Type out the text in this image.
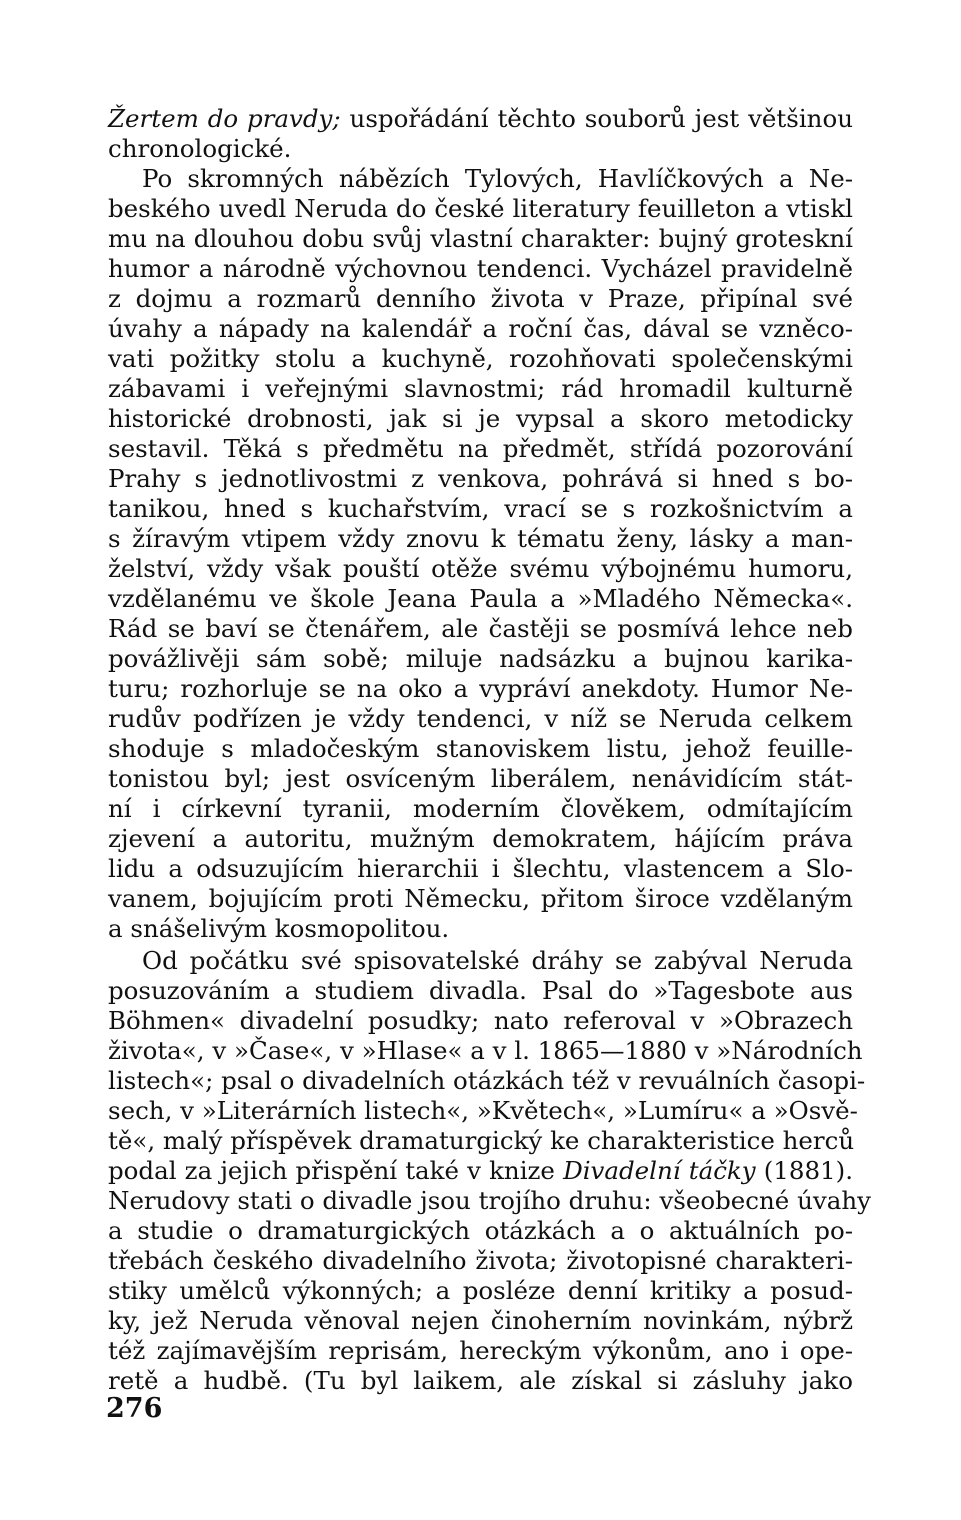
Žertem do pravdy; uspořádání těchto souborů jest většinou
chronologické.
Po skromných nábězích Tylových, Havlíčkových a Ne-
beského uvedl Neruda do české literatury feuilleton a vtiskl
mu na dlouhou dobu svůj vlastní charakter: bujný groteskní
humor a národně výchovnou tendenci. Vycházel pravidelně
z dojmu a rozmarů denního života v Praze, připínal své
úvahy a nápady na kalendář a roční čas, dával se vzněco-
vati požitky stolu a kuchyně, rozohňovati společenskými
zábavami i veřejnými slavnostmi; rád hromadil kulturně
historické drobnosti, jak si je vypsal a skoro metodicky
sestavil. Těká s předmětu na předmět, střídá pozorování
Prahy s jednotlivostmi z venkova, pohrává si hned s bo-
tanikou, hned s kuchařstvím, vrací se s rozkošnictvím a
s žíravým vtipem vždy znovu k tématu ženy, lásky a man-
želství, vždy však pouští otěže svému výbojnému humoru,
vzdělanému ve škole Jeana Paula a »Mladého Německa«.
Rád se baví se čtenářem, ale častěji se posmívá lehce neb
povážlivěji sám sobě; miluje nadsázku a bujnou karika-
turu; rozhorluje se na oko a vypráví anekdoty. Humor Ne-
rudův podřízen je vždy tendenci, v níž se Neruda celkem
shoduje s mladočeským stanoviskem listu, jehož feuille-
tonistou byl; jest osvíceným liberálem, nenávidícím stát-
ní i církevní tyranii, moderním člověkem, odmítajícím
zjevení a autoritu, mužným demokratem, hájícím práva
lidu a odsuzujícím hierarchii i šlechtu, vlastencem a Slo-
vanem, bojujícím proti Německu, přitom široce vzdělaným
a snášelivým kosmopolitou.
Od počátku své spisovatelské dráhy se zabýval Neruda
posuzováním a studiem divadla. Psal do »Tagesbote aus
Böhmen« divadelní posudky; nato referoval v »Obrazech
života«, v »Čase«, v »Hlase« a v l. 1865—1880 v »Národních
listech«; psal o divadelních otázkách též v revuálních časopi-
sech, v »Literárních listech«, »Květech«, »Lumíru« a »Osvě-
tě«, malý příspěvek dramaturgický ke charakteristice herců
podal za jejich přispění také v knize Divadelní táčky (1881).
Nerudovy stati o divadle jsou trojího druhu: všeobecné úvahy
a studie o dramaturgických otázkách a o aktuálních po-
třebách českého divadelního života; životopisné charakteri-
stiky umělců výkonných; a posléze denní kritiky a posud-
ky, jež Neruda věnoval nejen činoherním novinkám, nýbrž
též zajímavějším reprisám, hereckým výkonům, ano i ope-
retě a hudbě. (Tu byl laikem, ale získal si zásluhy jako
276
